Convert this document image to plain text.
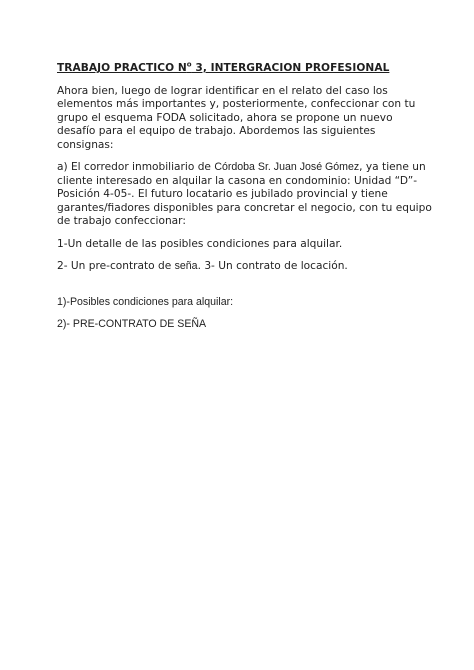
TRABAJO PRACTICO $N^o$ 3, INTERGRACION PROFESIONAL

Ahora bien, luego de lograr identificar en el relato del caso los elementos más importantes y, posteriormente, confeccionar con tu grupo el esquema FODA solicitado, ahora se propone un nuevo desafío para el equipo de trabajo. Abordemos las siguientes consignas:

a) El corredor inmobiliario de Córdoba Sr. Juan José Gómez, ya tiene un cliente interesado en alquilar la casona en condominio: Unidad “D”- Posición 4-05-. El futuro locatario es jubilado provincial y tiene garantes/fiadores disponibles para concretar el negocio, con tu equipo de trabajo confeccionar:

1-Un detalle de las posibles condiciones para alquilar.

2- Un pre-contrato de seña. 3- Un contrato de locación.

1)-Posibles condiciones para alquilar:

2)- PRE-CONTRATO DE SEÑA
